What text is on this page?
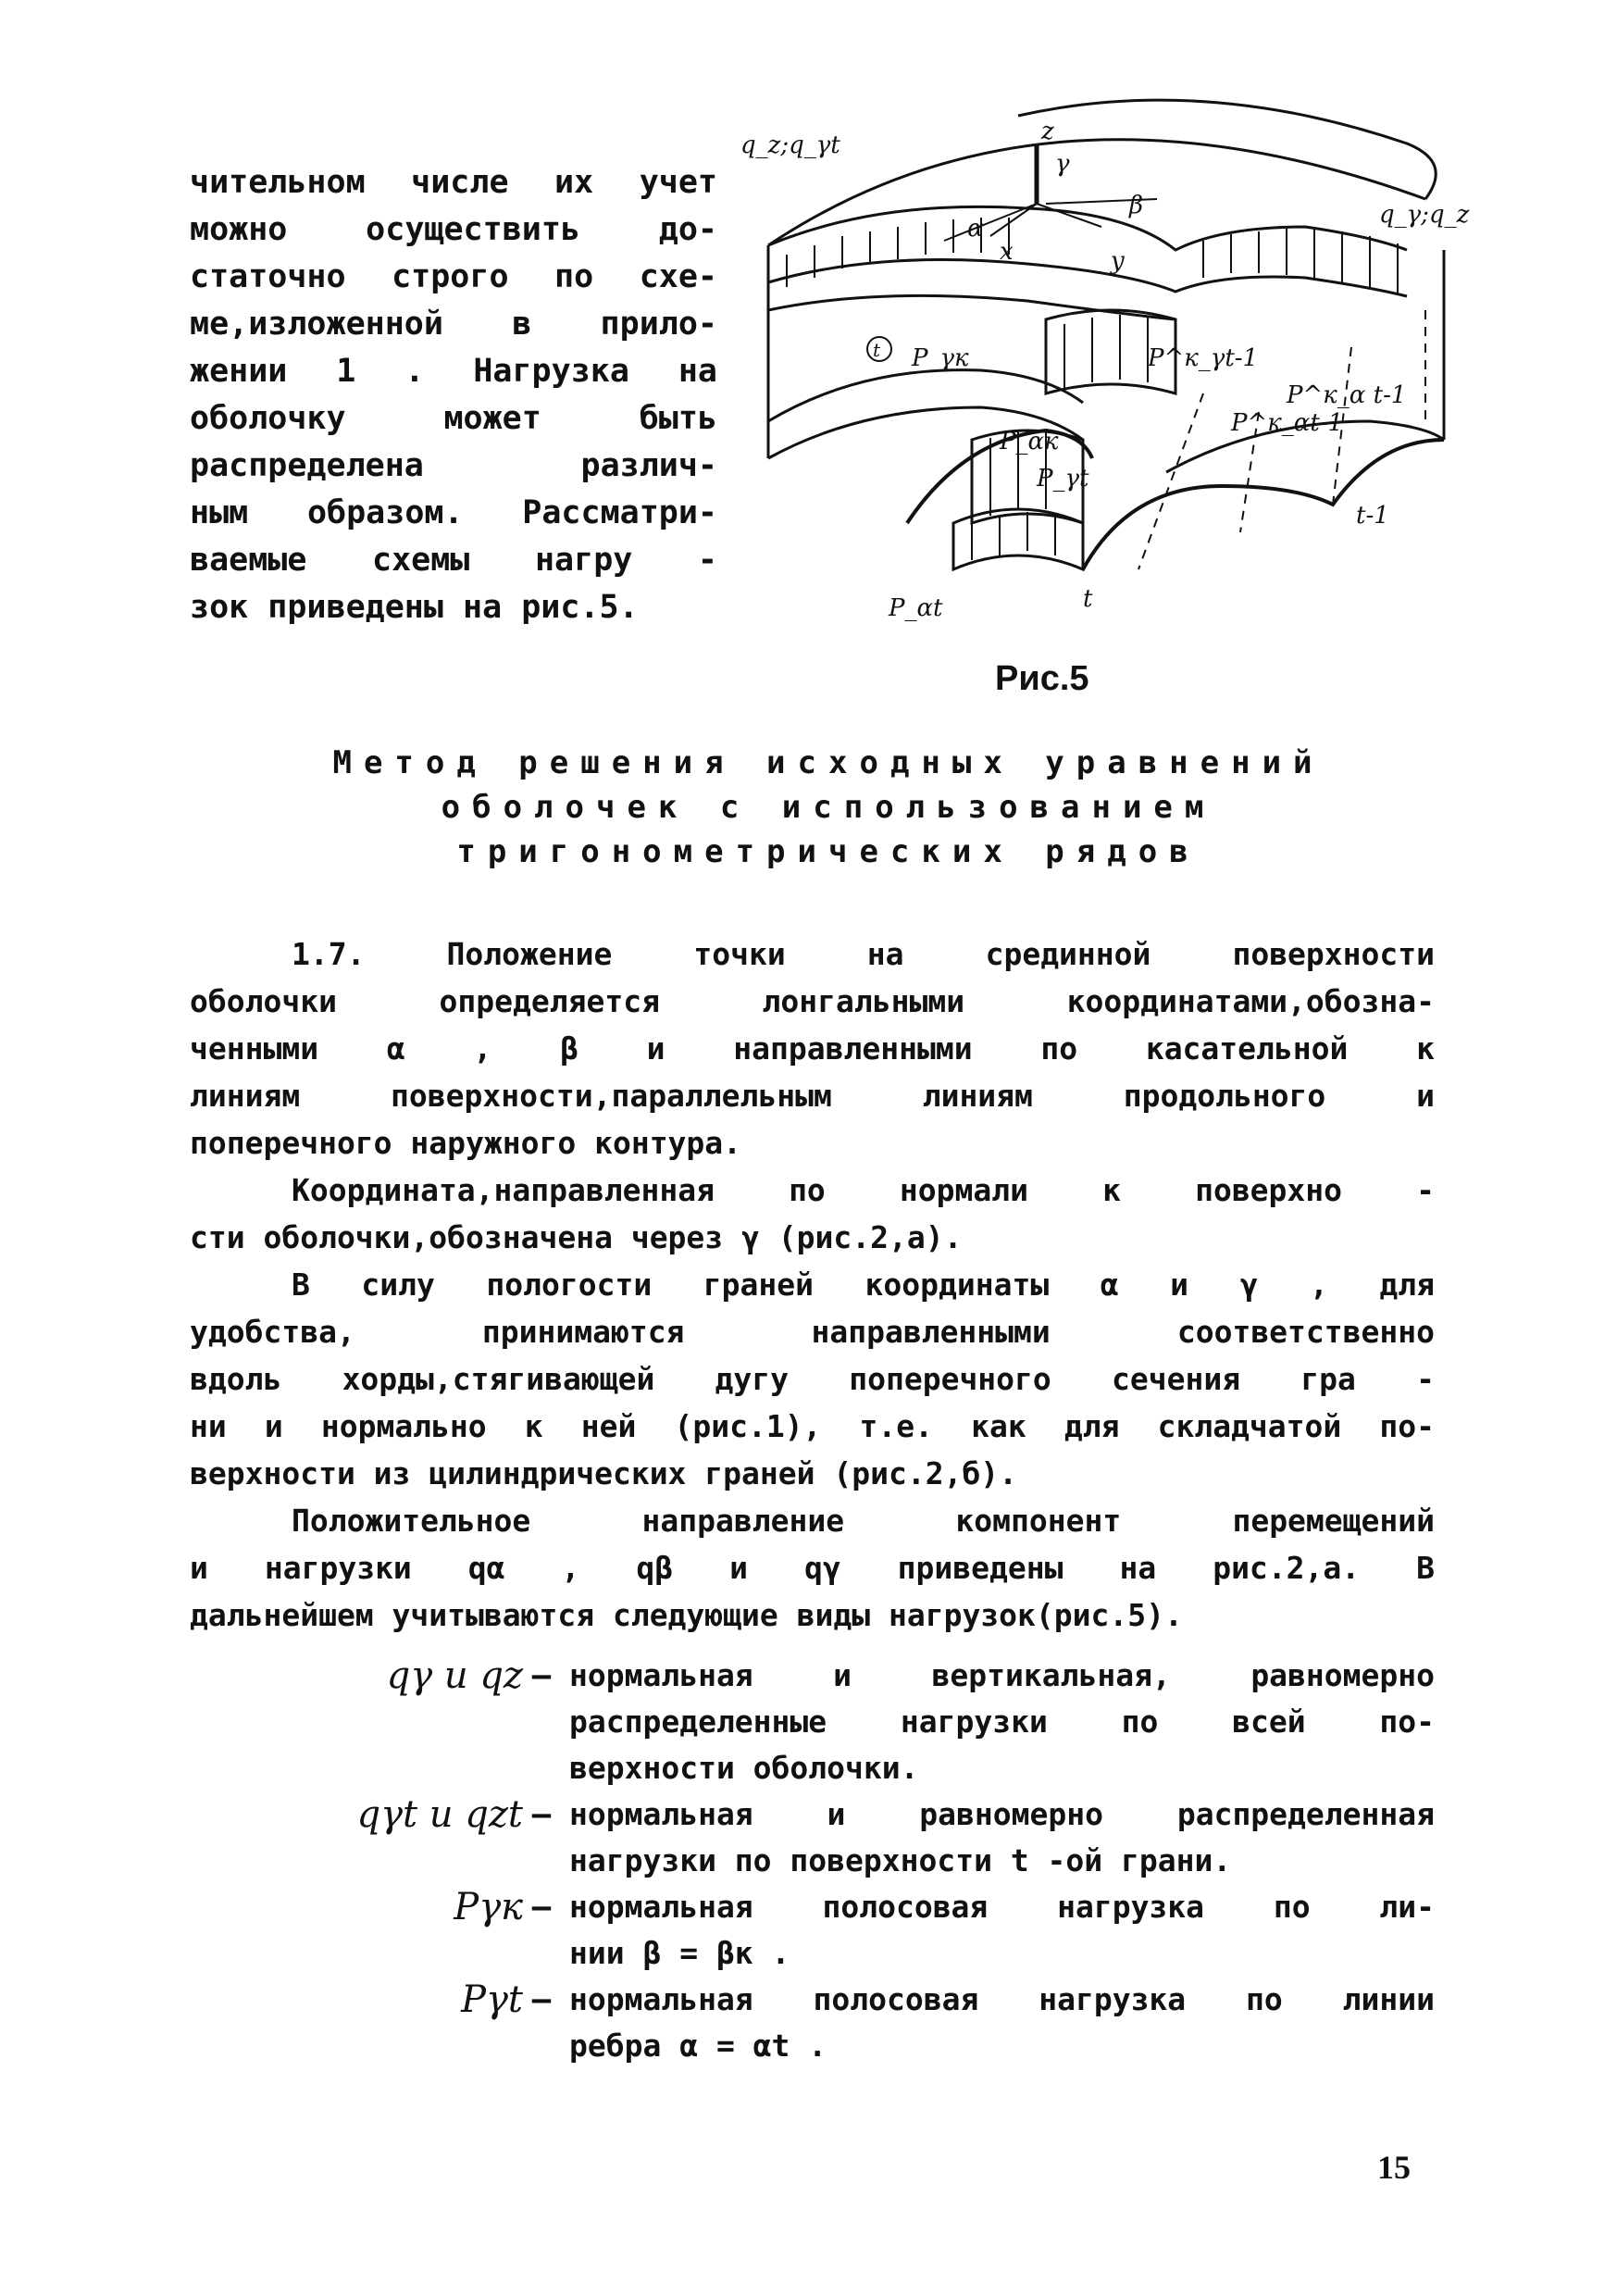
чительном числе их учет
можно осуществить до-
статочно строго по схе-
ме,изложенной в прило-
жении 1 . Нагрузка на
оболочку может быть
распределена различ-
ным образом. Рассматри-
ваемые схемы нагру -
зок приведены на рис.5.
q_z;q_γt
q_γ;q_z
z
γ
α
β
x	y
t P_γк	P^к_γt-1
P_αк
P_γt
P^к_αt-1
P^к_α t-1
t-1
P_αt	t
Рис.5
Метод решения исходных уравнений
оболочек с использованием
тригонометрических рядов
1.7. Положение точки на срединной поверхности
оболочки определяется лонгальными координатами,обозна-
ченными α , β и направленными по касательной к
линиям поверхности,параллельным линиям продольного и
поперечного наружного контура.
Координата,направленная по нормали к поверхно -
сти оболочки,обозначена через γ (рис.2,а).
В силу пологости граней координаты α и γ , для
удобства, принимаются направленными соответственно
вдоль хорды,стягивающей дугу поперечного сечения гра -
ни и нормально к ней (рис.1), т.е. как для складчатой по-
верхности из цилиндрических граней (рис.2,б).
Положительное направление компонент перемещений
и нагрузки qα , qβ и qγ приведены на рис.2,а. В
дальнейшем учитываются следующие виды нагрузок(рис.5).
qγ и qz – нормальная и вертикальная, равномерно
распределенные нагрузки по всей по-
верхности оболочки.
qγt и qzt – нормальная и равномерно распределенная
нагрузки по поверхности t -ой грани.
Pγк – нормальная полосовая нагрузка по ли-
нии β = βк .
Pγt – нормальная полосовая нагрузка по линии
ребра α = αt .
15
